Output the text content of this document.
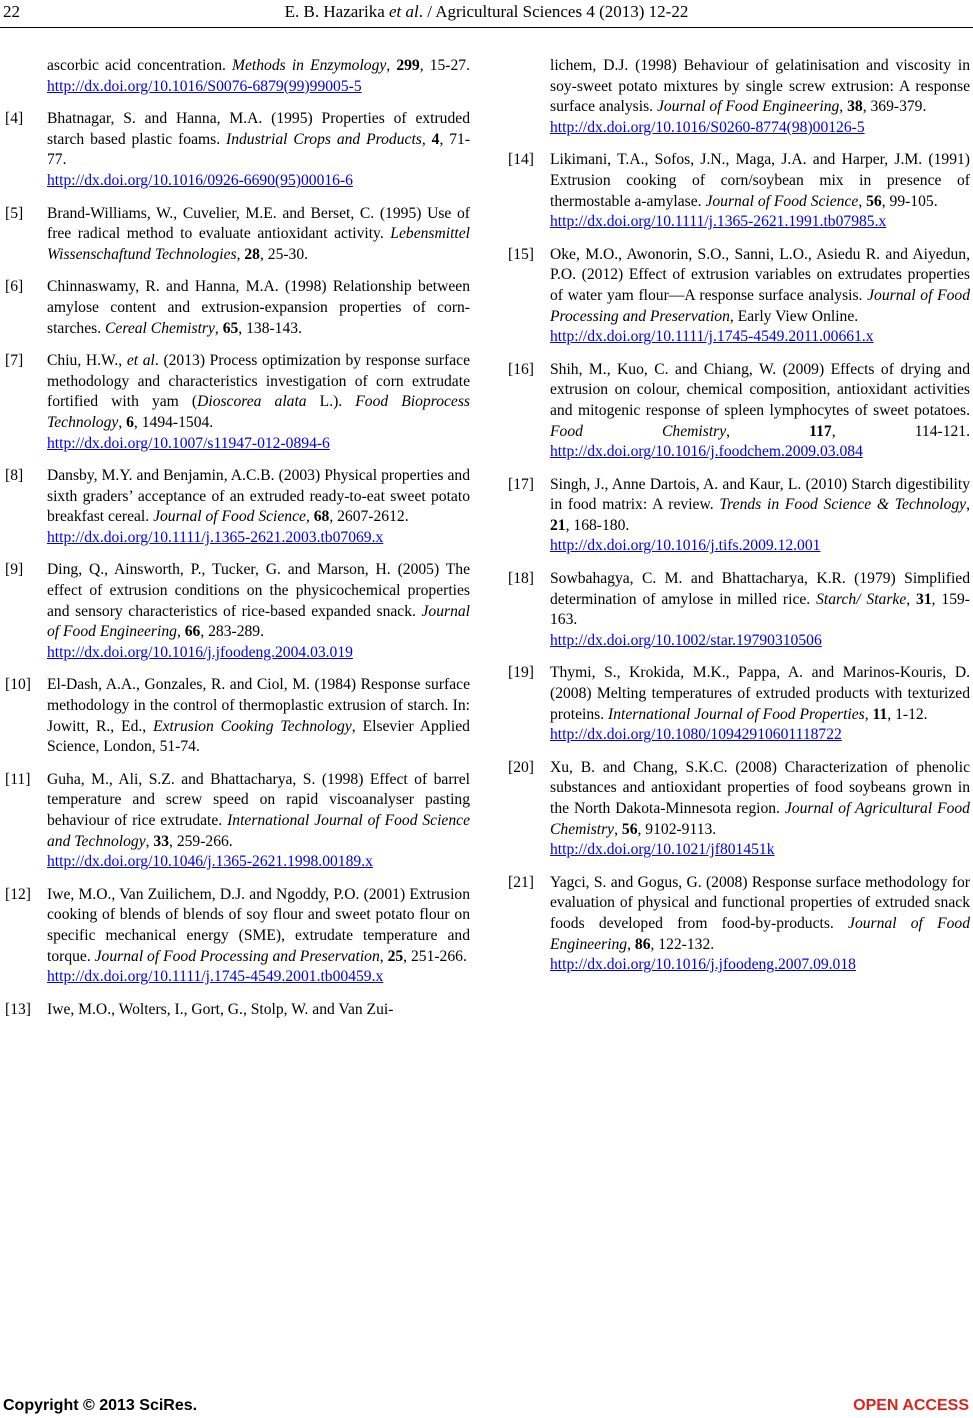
22	E. B. Hazarika et al. / Agricultural Sciences 4 (2013) 12-22
ascorbic acid concentration. Methods in Enzymology, 299, 15-27. http://dx.doi.org/10.1016/S0076-6879(99)99005-5
[4] Bhatnagar, S. and Hanna, M.A. (1995) Properties of extruded starch based plastic foams. Industrial Crops and Products, 4, 71-77.
http://dx.doi.org/10.1016/0926-6690(95)00016-6
[5] Brand-Williams, W., Cuvelier, M.E. and Berset, C. (1995) Use of free radical method to evaluate antioxidant activity. Lebensmittel Wissenschaftund Technologies, 28, 25-30.
[6] Chinnaswamy, R. and Hanna, M.A. (1998) Relationship between amylose content and extrusion-expansion properties of corn-starches. Cereal Chemistry, 65, 138-143.
[7] Chiu, H.W., et al. (2013) Process optimization by response surface methodology and characteristics investigation of corn extrudate fortified with yam (Dioscorea alata L.). Food Bioprocess Technology, 6, 1494-1504.
http://dx.doi.org/10.1007/s11947-012-0894-6
[8] Dansby, M.Y. and Benjamin, A.C.B. (2003) Physical properties and sixth graders’ acceptance of an extruded ready-to-eat sweet potato breakfast cereal. Journal of Food Science, 68, 2607-2612.
http://dx.doi.org/10.1111/j.1365-2621.2003.tb07069.x
[9] Ding, Q., Ainsworth, P., Tucker, G. and Marson, H. (2005) The effect of extrusion conditions on the physicochemical properties and sensory characteristics of rice-based expanded snack. Journal of Food Engineering, 66, 283-289.
http://dx.doi.org/10.1016/j.jfoodeng.2004.03.019
[10] El-Dash, A.A., Gonzales, R. and Ciol, M. (1984) Response surface methodology in the control of thermoplastic extrusion of starch. In: Jowitt, R., Ed., Extrusion Cooking Technology, Elsevier Applied Science, London, 51-74.
[11] Guha, M., Ali, S.Z. and Bhattacharya, S. (1998) Effect of barrel temperature and screw speed on rapid viscoanalyser pasting behaviour of rice extrudate. International Journal of Food Science and Technology, 33, 259-266.
http://dx.doi.org/10.1046/j.1365-2621.1998.00189.x
[12] Iwe, M.O., Van Zuilichem, D.J. and Ngoddy, P.O. (2001) Extrusion cooking of blends of blends of soy flour and sweet potato flour on specific mechanical energy (SME), extrudate temperature and torque. Journal of Food Processing and Preservation, 25, 251-266.
http://dx.doi.org/10.1111/j.1745-4549.2001.tb00459.x
[13] Iwe, M.O., Wolters, I., Gort, G., Stolp, W. and Van Zui-
lichem, D.J. (1998) Behaviour of gelatinisation and viscosity in soy-sweet potato mixtures by single screw extrusion: A response surface analysis. Journal of Food Engineering, 38, 369-379.
http://dx.doi.org/10.1016/S0260-8774(98)00126-5
[14] Likimani, T.A., Sofos, J.N., Maga, J.A. and Harper, J.M. (1991) Extrusion cooking of corn/soybean mix in presence of thermostable a-amylase. Journal of Food Science, 56, 99-105.
http://dx.doi.org/10.1111/j.1365-2621.1991.tb07985.x
[15] Oke, M.O., Awonorin, S.O., Sanni, L.O., Asiedu R. and Aiyedun, P.O. (2012) Effect of extrusion variables on extrudates properties of water yam flour—A response surface analysis. Journal of Food Processing and Preservation, Early View Online.
http://dx.doi.org/10.1111/j.1745-4549.2011.00661.x
[16] Shih, M., Kuo, C. and Chiang, W. (2009) Effects of drying and extrusion on colour, chemical composition, antioxidant activities and mitogenic response of spleen lymphocytes of sweet potatoes. Food Chemistry, 117, 114-121. http://dx.doi.org/10.1016/j.foodchem.2009.03.084
[17] Singh, J., Anne Dartois, A. and Kaur, L. (2010) Starch digestibility in food matrix: A review. Trends in Food Science & Technology, 21, 168-180.
http://dx.doi.org/10.1016/j.tifs.2009.12.001
[18] Sowbahagya, C. M. and Bhattacharya, K.R. (1979) Simplified determination of amylose in milled rice. Starch/ Starke, 31, 159-163.
http://dx.doi.org/10.1002/star.19790310506
[19] Thymi, S., Krokida, M.K., Pappa, A. and Marinos-Kouris, D. (2008) Melting temperatures of extruded products with texturized proteins. International Journal of Food Properties, 11, 1-12.
http://dx.doi.org/10.1080/10942910601118722
[20] Xu, B. and Chang, S.K.C. (2008) Characterization of phenolic substances and antioxidant properties of food soybeans grown in the North Dakota-Minnesota region. Journal of Agricultural Food Chemistry, 56, 9102-9113.
http://dx.doi.org/10.1021/jf801451k
[21] Yagci, S. and Gogus, G. (2008) Response surface methodology for evaluation of physical and functional properties of extruded snack foods developed from food-by-products. Journal of Food Engineering, 86, 122-132.
http://dx.doi.org/10.1016/j.jfoodeng.2007.09.018
Copyright © 2013 SciRes.	OPEN ACCESS
